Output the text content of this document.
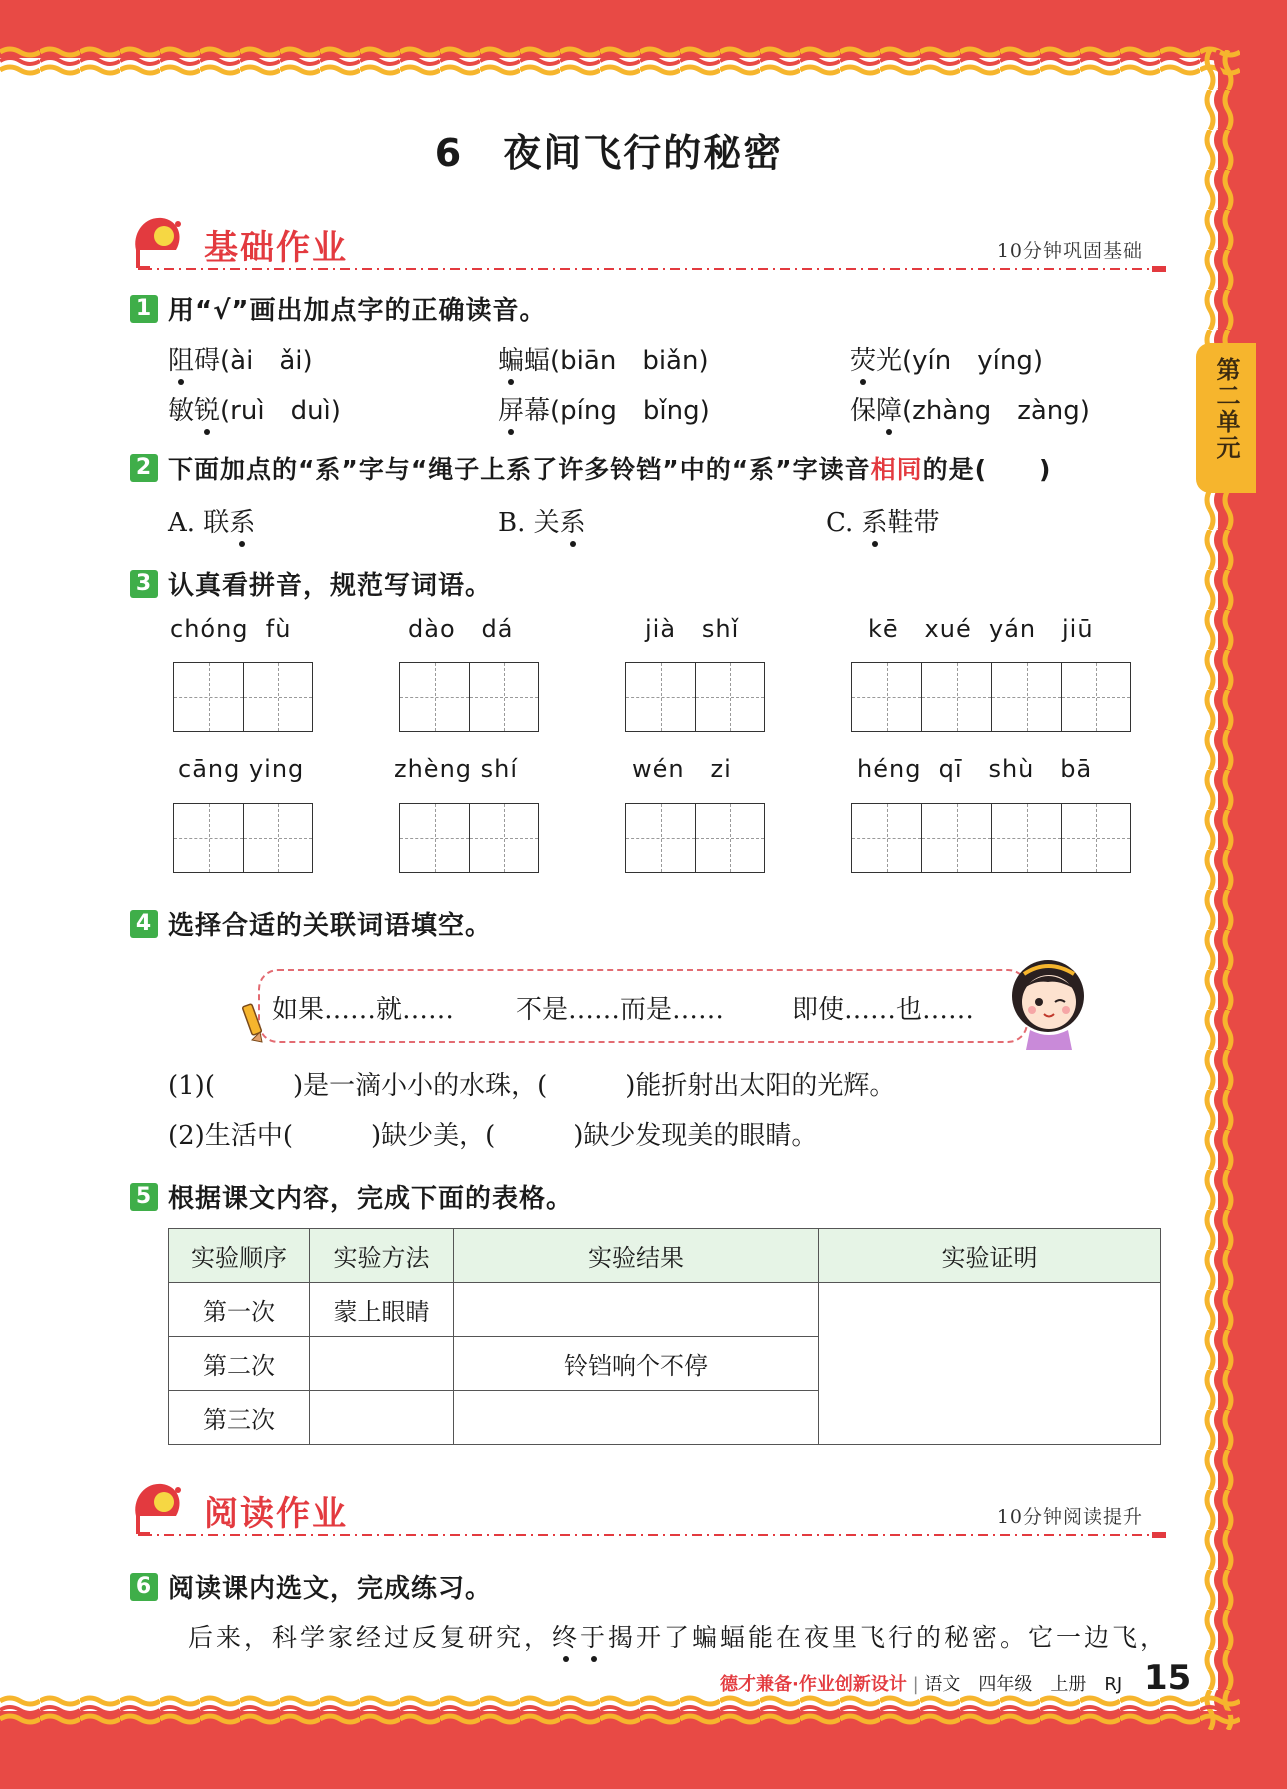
第二单元
6　夜间飞行的秘密
基础作业	10分钟巩固基础
1 用“√”画出加点字的正确读音。
阻碍(ài　ǎi)	蝙蝠(biān　biǎn)	荧光(yín　yíng)
敏锐(ruì　duì)	屏幕(píng　bǐng)	保障(zhàng　zàng)
2 下面加点的“系”字与“绳子上系了许多铃铛”中的“系”字读音 相同 的是(　　)
A. 联系	B. 关系	C. 系鞋带
3 认真看拼音，规范写词语。
chóng  fù	dào   dá	jià   shǐ	kē   xué  yán   jiū
cāng ying	zhèng shí	wén   zi	héng  qī   shù   bā
4 选择合适的关联词语填空。
如果……就…… 不是……而是……	即使……也……
(1)(　　　)是一滴小小的水珠，(　　　)能折射出太阳的光辉。
(2)生活中(　　　)缺少美，(　　　)缺少发现美的眼睛。
5 根据课文内容，完成下面的表格。
实验顺序	实验方法	实验结果	实验证明
第一次	蒙上眼睛		
第二次		铃铛响个不停	
第三次			
阅读作业	10分钟阅读提升
6 阅读课内选文，完成练习。
后来，科学家经过反复研究，终于揭开了蝙蝠能在夜里飞行的秘密。它一边飞，
德才兼备·作业创新设计 | 语文　四年级　上册　RJ 15
